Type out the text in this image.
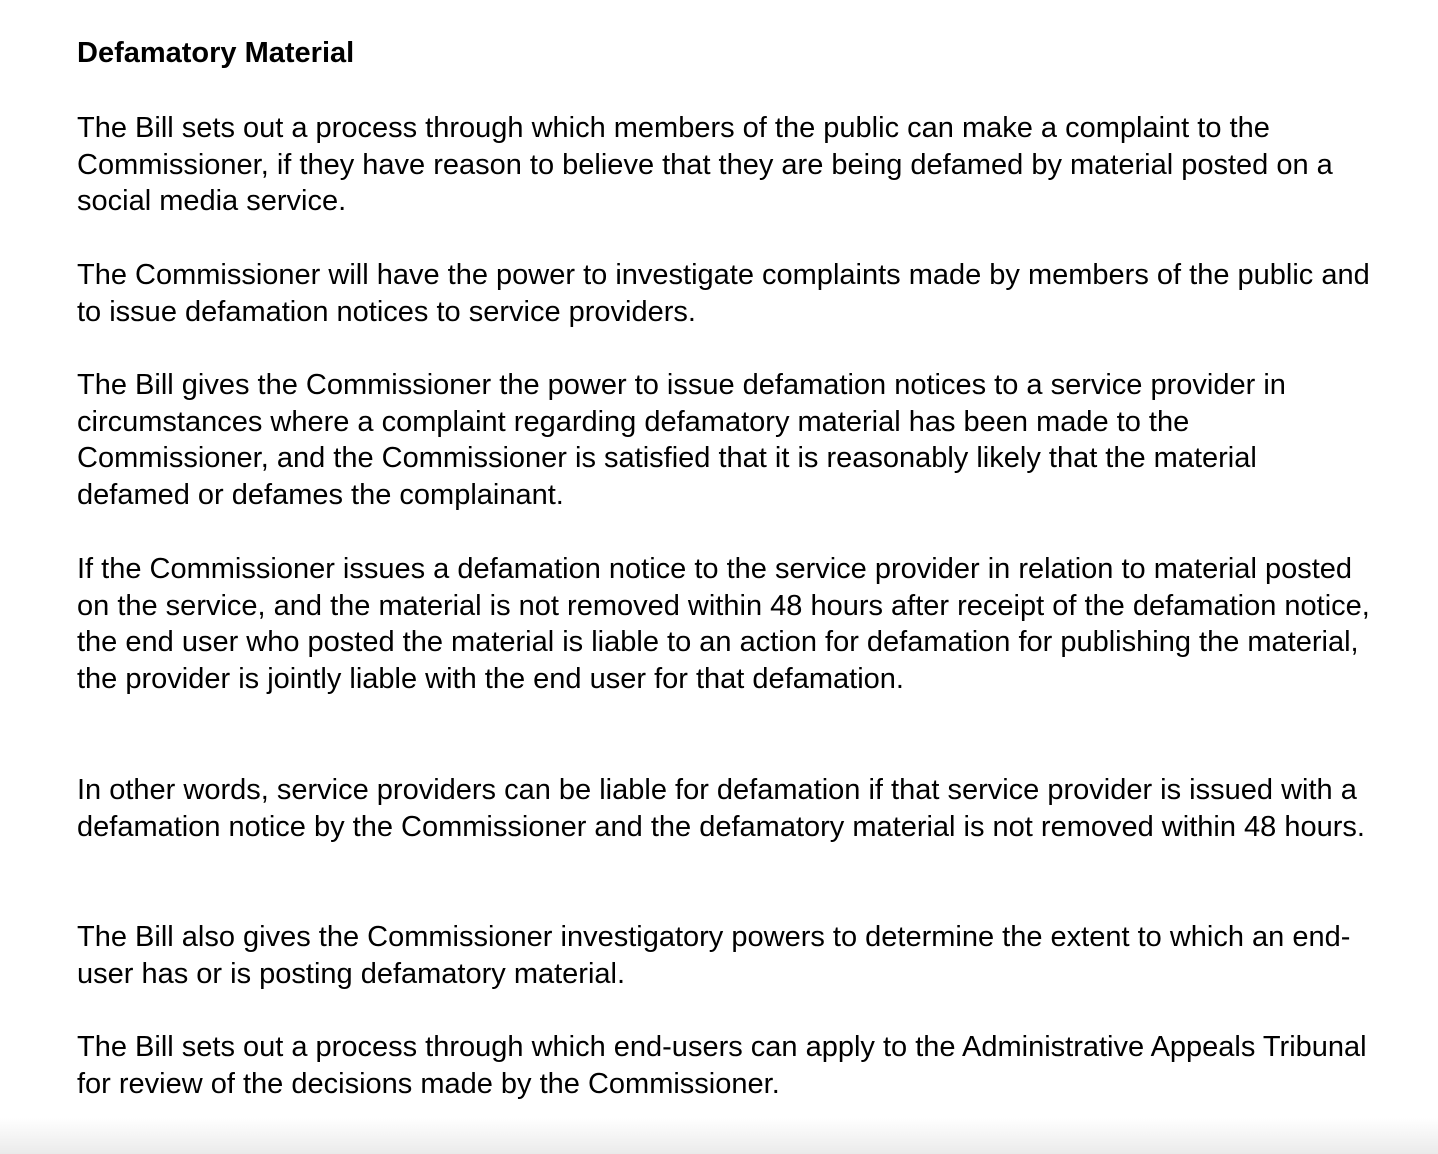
Defamatory Material

The Bill sets out a process through which members of the public can make a complaint to the Commissioner, if they have reason to believe that they are being defamed by material posted on a social media service.

The Commissioner will have the power to investigate complaints made by members of the public and to issue defamation notices to service providers.

The Bill gives the Commissioner the power to issue defamation notices to a service provider in circumstances where a complaint regarding defamatory material has been made to the Commissioner, and the Commissioner is satisfied that it is reasonably likely that the material defamed or defames the complainant.

If the Commissioner issues a defamation notice to the service provider in relation to material posted on the service, and the material is not removed within 48 hours after receipt of the defamation notice, the end user who posted the material is liable to an action for defamation for publishing the material, the provider is jointly liable with the end user for that defamation.

In other words, service providers can be liable for defamation if that service provider is issued with a defamation notice by the Commissioner and the defamatory material is not removed within 48 hours.

The Bill also gives the Commissioner investigatory powers to determine the extent to which an end-user has or is posting defamatory material.

The Bill sets out a process through which end-users can apply to the Administrative Appeals Tribunal for review of the decisions made by the Commissioner.
